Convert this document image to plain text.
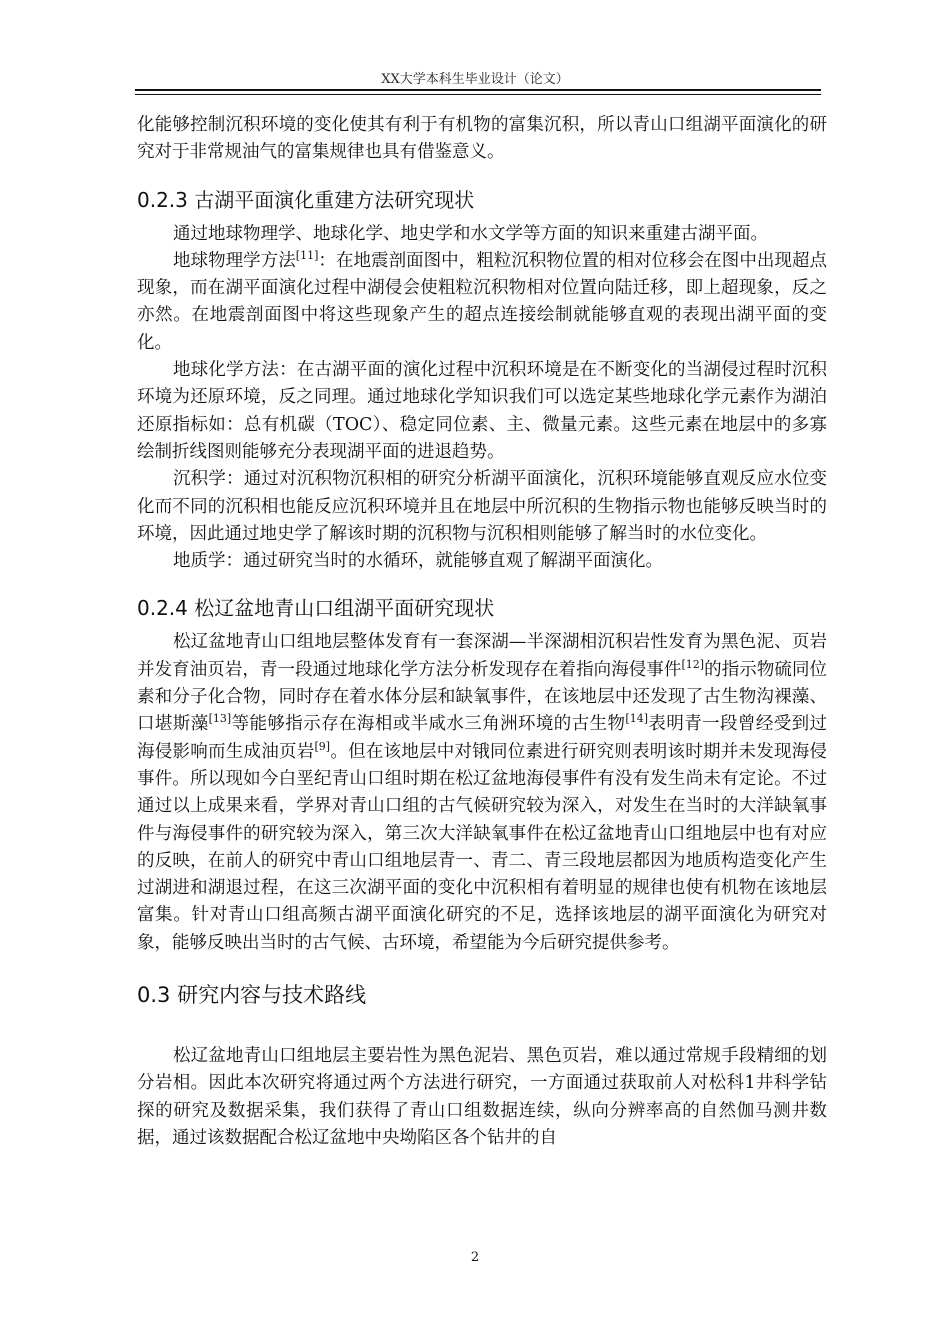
XX大学本科生毕业设计（论文）

化能够控制沉积环境的变化使其有利于有机物的富集沉积，所以青山口组湖平面演化的研究对于非常规油气的富集规律也具有借鉴意义。

0.2.3 古湖平面演化重建方法研究现状

通过地球物理学、地球化学、地史学和水文学等方面的知识来重建古湖平面。

地球物理学方法[11]：在地震剖面图中，粗粒沉积物位置的相对位移会在图中出现超点现象，而在湖平面演化过程中湖侵会使粗粒沉积物相对位置向陆迁移，即上超现象，反之亦然。在地震剖面图中将这些现象产生的超点连接绘制就能够直观的表现出湖平面的变化。

地球化学方法：在古湖平面的演化过程中沉积环境是在不断变化的当湖侵过程时沉积环境为还原环境，反之同理。通过地球化学知识我们可以选定某些地球化学元素作为湖泊还原指标如：总有机碳（TOC）、稳定同位素、主、微量元素。这些元素在地层中的多寡绘制折线图则能够充分表现湖平面的进退趋势。

沉积学：通过对沉积物沉积相的研究分析湖平面演化，沉积环境能够直观反应水位变化而不同的沉积相也能反应沉积环境并且在地层中所沉积的生物指示物也能够反映当时的环境，因此通过地史学了解该时期的沉积物与沉积相则能够了解当时的水位变化。

地质学：通过研究当时的水循环，就能够直观了解湖平面演化。

0.2.4 松辽盆地青山口组湖平面研究现状

松辽盆地青山口组地层整体发育有一套深湖—半深湖相沉积岩性发育为黑色泥、页岩并发育油页岩，青一段通过地球化学方法分析发现存在着指向海侵事件[12]的指示物硫同位素和分子化合物，同时存在着水体分层和缺氧事件，在该地层中还发现了古生物沟裸藻、口堪斯藻[13]等能够指示存在海相或半咸水三角洲环境的古生物[14]表明青一段曾经受到过海侵影响而生成油页岩[9]。但在该地层中对锇同位素进行研究则表明该时期并未发现海侵事件。所以现如今白垩纪青山口组时期在松辽盆地海侵事件有没有发生尚未有定论。不过通过以上成果来看，学界对青山口组的古气候研究较为深入，对发生在当时的大洋缺氧事件与海侵事件的研究较为深入，第三次大洋缺氧事件在松辽盆地青山口组地层中也有对应的反映，在前人的研究中青山口组地层青一、青二、青三段地层都因为地质构造变化产生过湖进和湖退过程，在这三次湖平面的变化中沉积相有着明显的规律也使有机物在该地层富集。针对青山口组高频古湖平面演化研究的不足，选择该地层的湖平面演化为研究对象，能够反映出当时的古气候、古环境，希望能为今后研究提供参考。

0.3 研究内容与技术路线

松辽盆地青山口组地层主要岩性为黑色泥岩、黑色页岩，难以通过常规手段精细的划分岩相。因此本次研究将通过两个方法进行研究，一方面通过获取前人对松科1井科学钻探的研究及数据采集，我们获得了青山口组数据连续，纵向分辨率高的自然伽马测井数据，通过该数据配合松辽盆地中央坳陷区各个钻井的自

2
